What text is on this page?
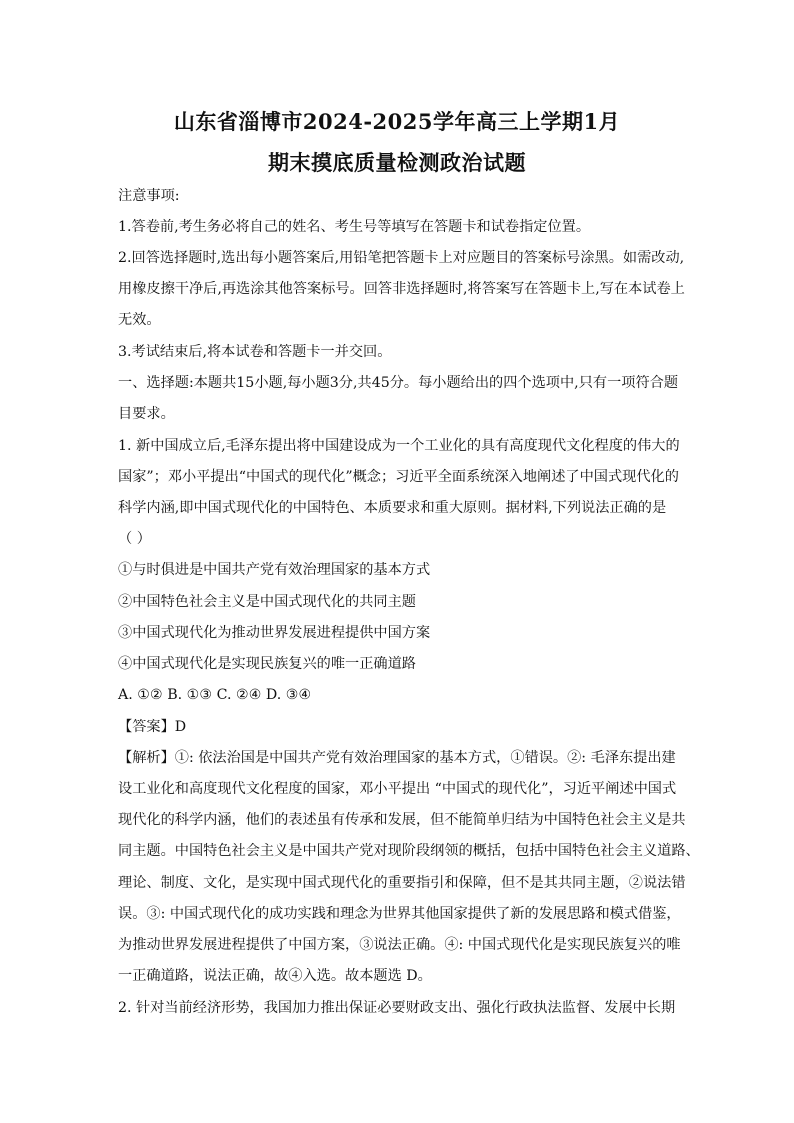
山东省淄博市2024-2025学年高三上学期1月
期末摸底质量检测政治试题
注意事项:
1.答卷前,考生务必将自己的姓名、考生号等填写在答题卡和试卷指定位置。
2.回答选择题时,选出每小题答案后,用铅笔把答题卡上对应题目的答案标号涂黑。如需改动,
用橡皮擦干净后,再选涂其他答案标号。回答非选择题时,将答案写在答题卡上,写在本试卷上
无效。
3.考试结束后,将本试卷和答题卡一并交回。
一、选择题:本题共15小题,每小题3分,共45分。每小题给出的四个选项中,只有一项符合题
目要求。
1. 新中国成立后,毛泽东提出将中国建设成为一个工业化的具有高度现代文化程度的伟大的
国家”；邓小平提出“中国式的现代化”概念；习近平全面系统深入地阐述了中国式现代化的
科学内涵,即中国式现代化的中国特色、本质要求和重大原则。据材料,下列说法正确的是
（ ）
①与时俱进是中国共产党有效治理国家的基本方式
②中国特色社会主义是中国式现代化的共同主题
③中国式现代化为推动世界发展进程提供中国方案
④中国式现代化是实现民族复兴的唯一正确道路
A. ①② B. ①③ C. ②④ D. ③④
【答案】D
【解析】①: 依法治国是中国共产党有效治理国家的基本方式，①错误。②: 毛泽东提出建
设工业化和高度现代文化程度的国家，邓小平提出 “中国式的现代化”，习近平阐述中国式
现代化的科学内涵，他们的表述虽有传承和发展，但不能简单归结为中国特色社会主义是共
同主题。中国特色社会主义是中国共产党对现阶段纲领的概括，包括中国特色社会主义道路、
理论、制度、文化，是实现中国式现代化的重要指引和保障，但不是其共同主题，②说法错
误。③: 中国式现代化的成功实践和理念为世界其他国家提供了新的发展思路和模式借鉴，
为推动世界发展进程提供了中国方案，③说法正确。④: 中国式现代化是实现民族复兴的唯
一正确道路，说法正确，故④入选。故本题选 D。
2. 针对当前经济形势，我国加力推出保证必要财政支出、强化行政执法监督、发展中长期
